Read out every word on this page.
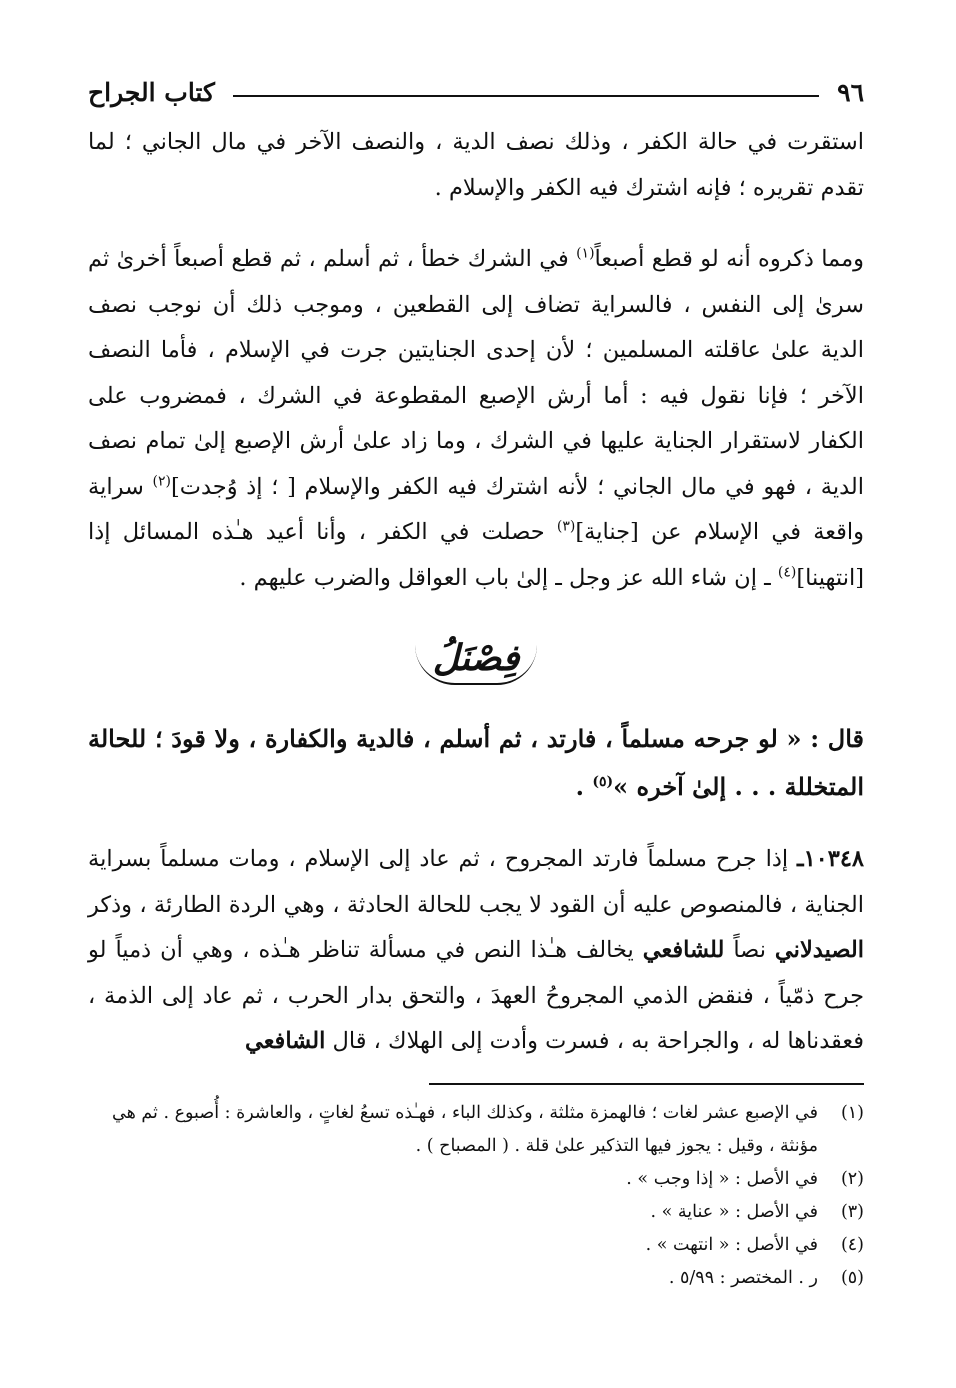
٩٦
كتاب الجراح

استقرت في حالة الكفر ، وذلك نصف الدية ، والنصف الآخر في مال الجاني ؛ لما تقدم تقريره ؛ فإنه اشترك فيه الكفر والإسلام .

ومما ذكروه أنه لو قطع أصبعاً$^{(١)}$ في الشرك خطأ ، ثم أسلم ، ثم قطع أصبعاً أخرىٰ ثم سرىٰ إلى النفس ، فالسراية تضاف إلى القطعين ، وموجب ذلك أن نوجب نصف الدية علىٰ عاقلته المسلمين ؛ لأن إحدى الجنايتين جرت في الإسلام ، فأما النصف الآخر ؛ فإنا نقول فيه : أما أرش الإصبع المقطوعة في الشرك ، فمضروب على الكفار لاستقرار الجناية عليها في الشرك ، وما زاد علىٰ أرش الإصبع إلىٰ تمام نصف الدية ، فهو في مال الجاني ؛ لأنه اشترك فيه الكفر والإسلام [ ؛ إذ وُجدت]$^{(٢)}$ سراية واقعة في الإسلام عن [جناية]$^{(٣)}$ حصلت في الكفر ، وأنا أعيد هـٰذه المسائل إذا [انتهينا]$^{(٤)}$ ـ إن شاء الله عز وجل ـ إلىٰ باب العواقل والضرب عليهم .

فِصْنَلُ

قال : « لو جرحه مسلماً ، فارتد ، ثم أسلم ، فالدية والكفارة ، ولا قودَ ؛ للحالة المتخللة . . . إلىٰ آخره »$^{(٥)}$ .

١٠٣٤٨ـ إذا جرح مسلماً فارتد المجروح ، ثم عاد إلى الإسلام ، ومات مسلماً بسراية الجناية ، فالمنصوص عليه أن القود لا يجب للحالة الحادثة ، وهي الردة الطارئة ، وذكر الصيدلاني نصاً للشافعي يخالف هـٰذا النص في مسألة تناظر هـٰذه ، وهي أن ذمياً لو جرح ذمّياً ، فنقض الذمي المجروحُ العهدَ ، والتحق بدار الحرب ، ثم عاد إلى الذمة ، فعقدناها له ، والجراحة به ، فسرت وأدت إلى الهلاك ، قال الشافعي

(١)
في الإصبع عشر لغات ؛ فالهمزة مثلثة ، وكذلك الباء ، فهـٰذه تسعُ لغاتٍ ، والعاشرة : أُصبوع . ثم هي مؤنثة ، وقيل : يجوز فيها التذكير علىٰ قلة . ( المصباح ) .
(٢)
في الأصل : « إذا وجب » .
(٣)
في الأصل : « عناية » .
(٤)
في الأصل : « انتهت » .
(٥)
ر . المختصر : ٥/٩٩ .
